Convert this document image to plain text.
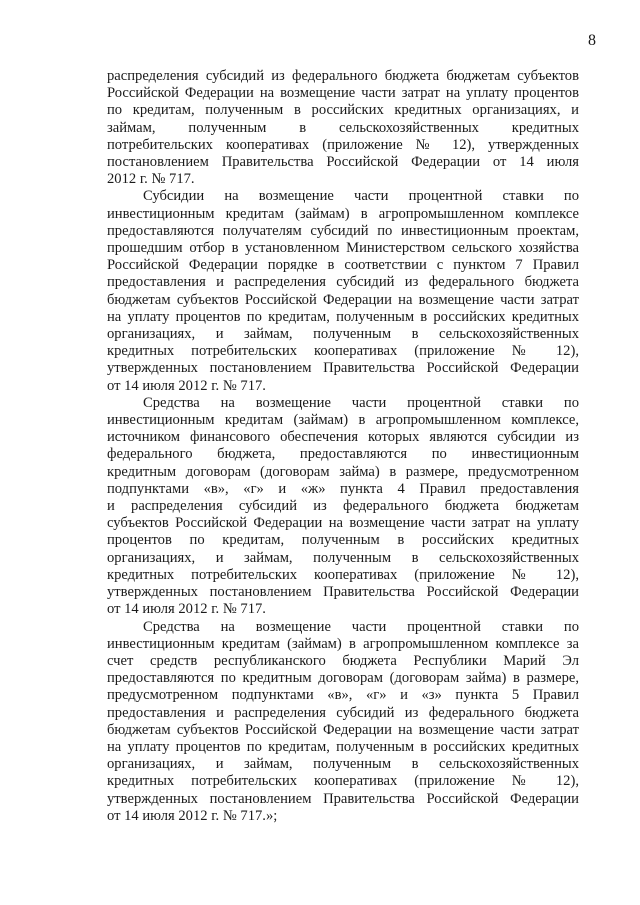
8
распределения субсидий из федерального бюджета бюджетам субъектов
Российской Федерации на возмещение части затрат на уплату процентов
по кредитам, полученным в российских кредитных организациях, и
займам, полученным в сельскохозяйственных кредитных
потребительских кооперативах (приложение № 12), утвержденных
постановлением Правительства Российской Федерации от 14 июля
2012 г. № 717.
Субсидии на возмещение части процентной ставки по
инвестиционным кредитам (займам) в агропромышленном комплексе
предоставляются получателям субсидий по инвестиционным проектам,
прошедшим отбор в установленном Министерством сельского хозяйства
Российской Федерации порядке в соответствии с пунктом 7 Правил
предоставления и распределения субсидий из федерального бюджета
бюджетам субъектов Российской Федерации на возмещение части затрат
на уплату процентов по кредитам, полученным в российских кредитных
организациях, и займам, полученным в сельскохозяйственных
кредитных потребительских кооперативах (приложение № 12),
утвержденных постановлением Правительства Российской Федерации
от 14 июля 2012 г. № 717.
Средства на возмещение части процентной ставки по
инвестиционным кредитам (займам) в агропромышленном комплексе,
источником финансового обеспечения которых являются субсидии из
федерального бюджета, предоставляются по инвестиционным
кредитным договорам (договорам займа) в размере, предусмотренном
подпунктами «в», «г» и «ж» пункта 4 Правил предоставления
и распределения субсидий из федерального бюджета бюджетам
субъектов Российской Федерации на возмещение части затрат на уплату
процентов по кредитам, полученным в российских кредитных
организациях, и займам, полученным в сельскохозяйственных
кредитных потребительских кооперативах (приложение № 12),
утвержденных постановлением Правительства Российской Федерации
от 14 июля 2012 г. № 717.
Средства на возмещение части процентной ставки по
инвестиционным кредитам (займам) в агропромышленном комплексе за
счет средств республиканского бюджета Республики Марий Эл
предоставляются по кредитным договорам (договорам займа) в размере,
предусмотренном подпунктами «в», «г» и «з» пункта 5 Правил
предоставления и распределения субсидий из федерального бюджета
бюджетам субъектов Российской Федерации на возмещение части затрат
на уплату процентов по кредитам, полученным в российских кредитных
организациях, и займам, полученным в сельскохозяйственных
кредитных потребительских кооперативах (приложение № 12),
утвержденных постановлением Правительства Российской Федерации
от 14 июля 2012 г. № 717.»;
